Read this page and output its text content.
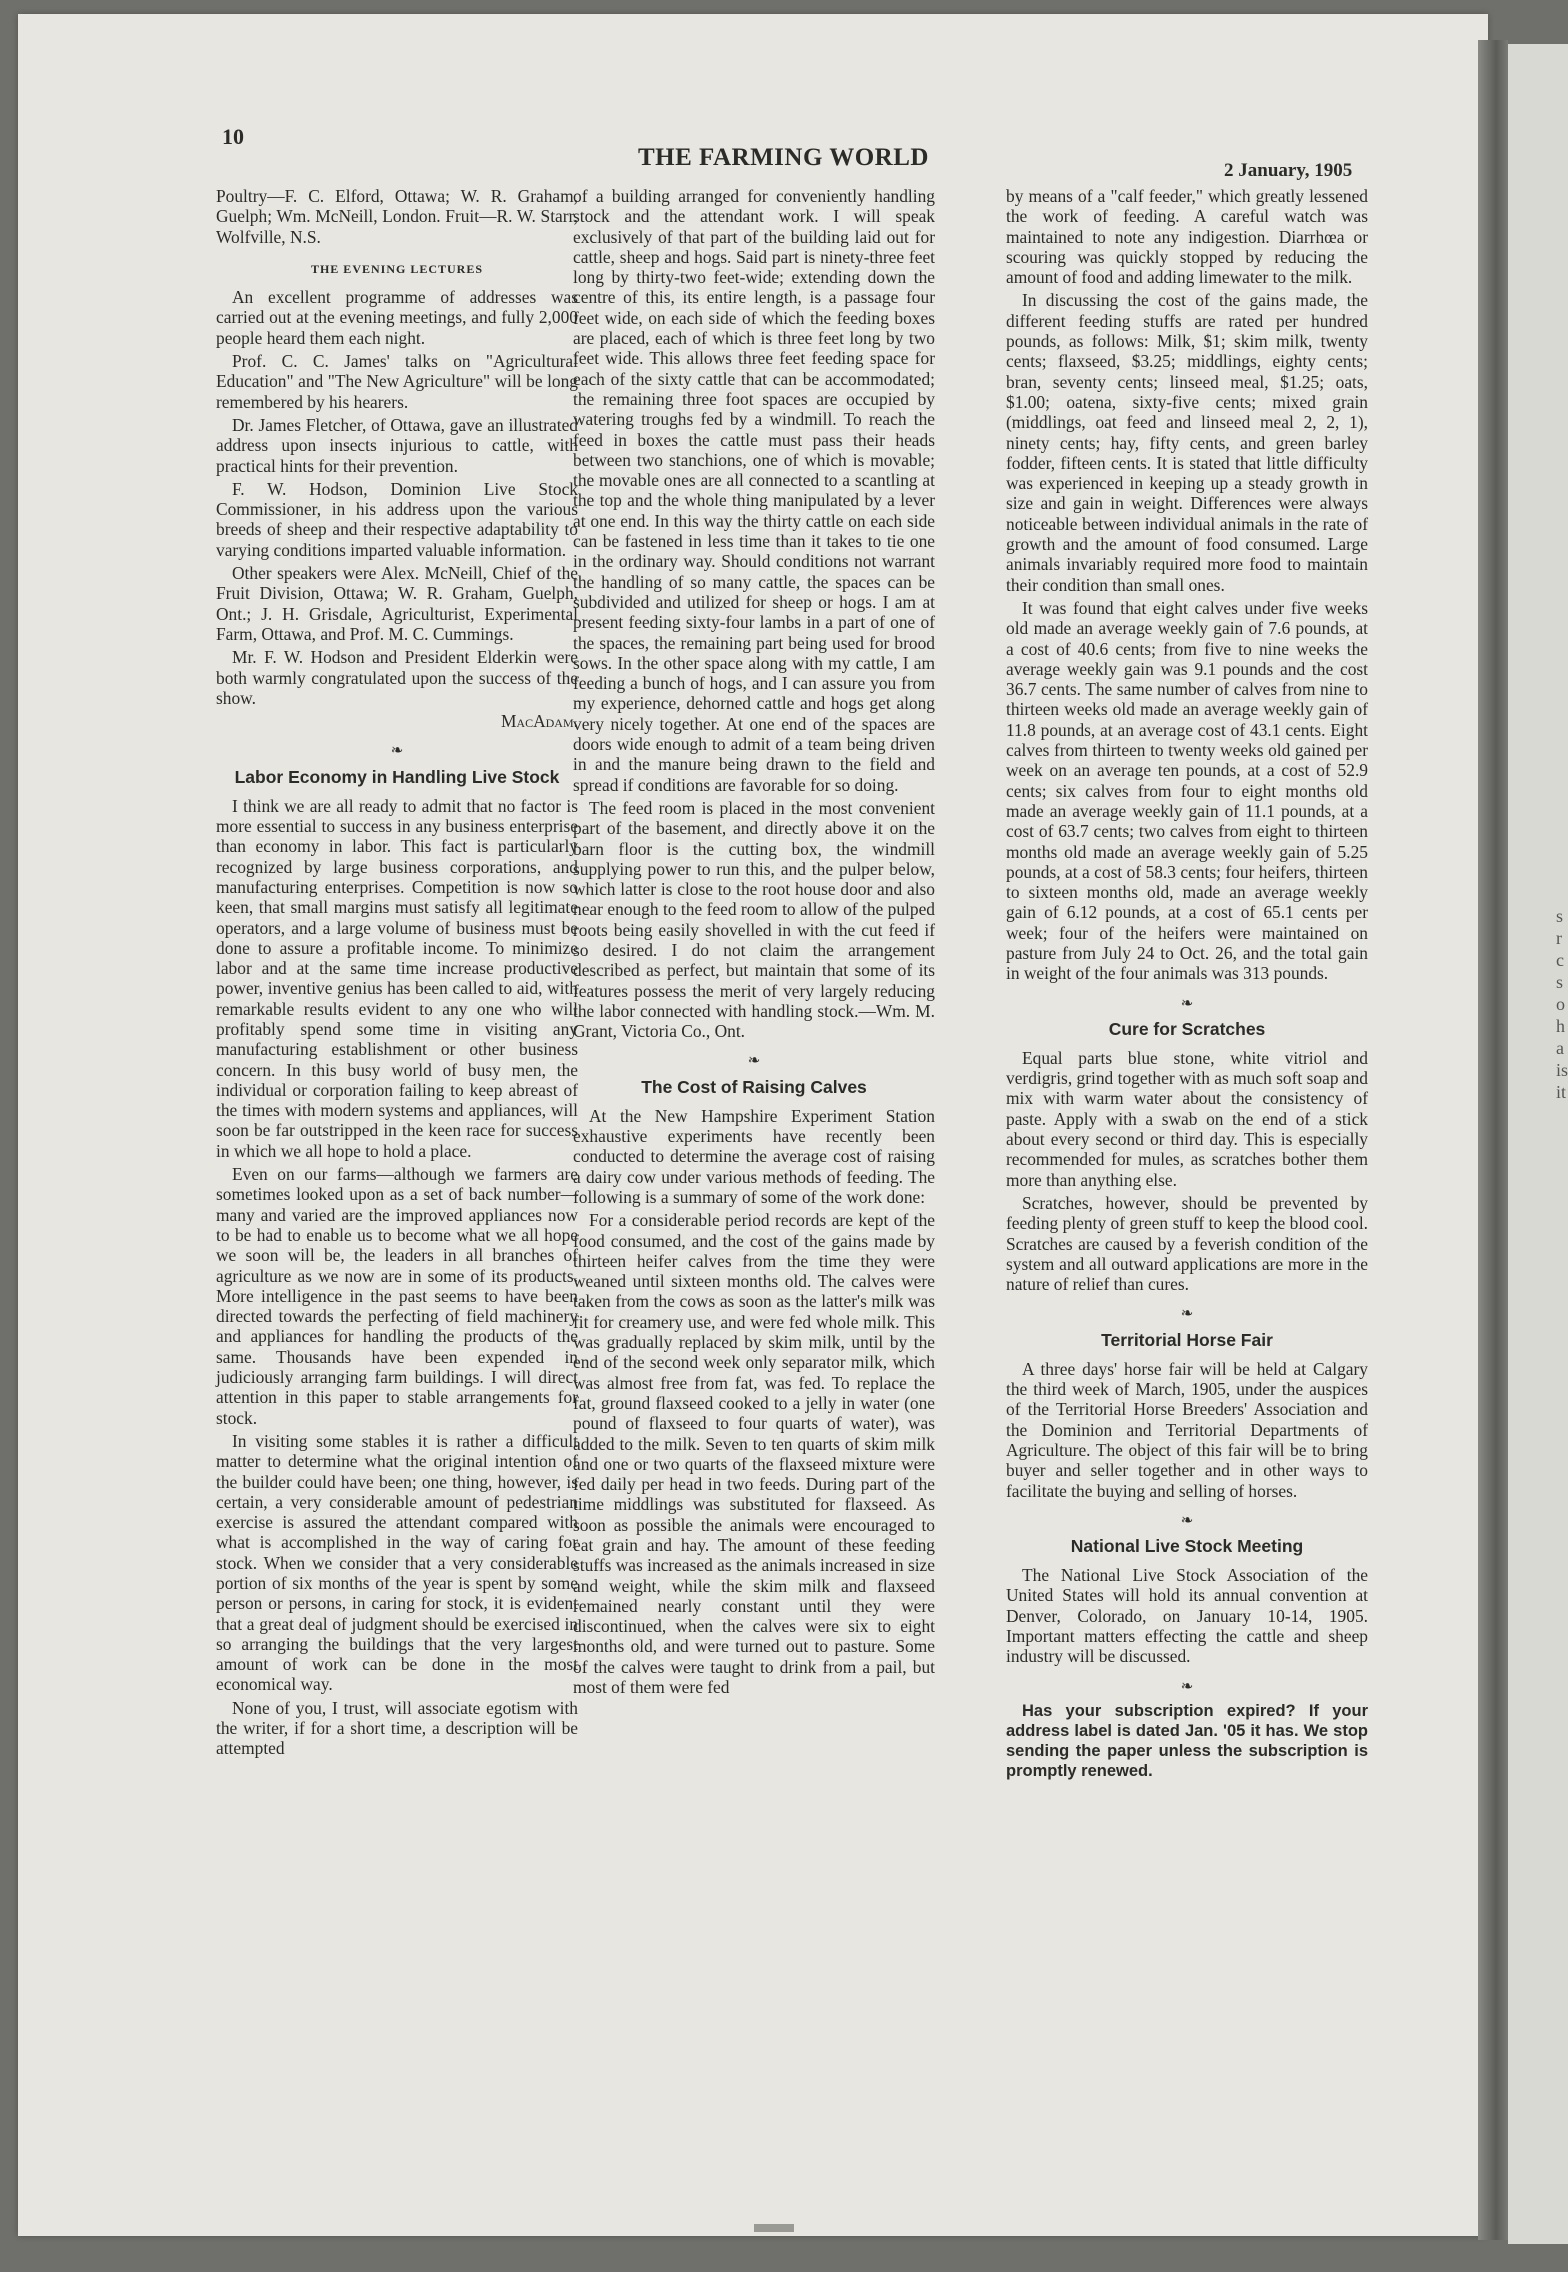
10
THE FARMING WORLD	2 January, 1905

Poultry—F. C. Elford, Ottawa; W. R. Graham, Guelph; Wm. McNeill, London. Fruit—R. W. Starr, Wolfville, N.S.

THE EVENING LECTURES

An excellent programme of addresses was carried out at the evening meetings, and fully 2,000 people heard them each night.

Prof. C. C. James' talks on "Agricultural Education" and "The New Agriculture" will be long remembered by his hearers.

Dr. James Fletcher, of Ottawa, gave an illustrated address upon insects injurious to cattle, with practical hints for their prevention.

F. W. Hodson, Dominion Live Stock Commissioner, in his address upon the various breeds of sheep and their respective adaptability to varying conditions imparted valuable information.

Other speakers were Alex. McNeill, Chief of the Fruit Division, Ottawa; W. R. Graham, Guelph, Ont.; J. H. Grisdale, Agriculturist, Experimental Farm, Ottawa, and Prof. M. C. Cummings.

Mr. F. W. Hodson and President Elderkin were both warmly congratulated upon the success of the show.

MacAdam.
❧
Labor Economy in Handling Live Stock

I think we are all ready to admit that no factor is more essential to success in any business enterprise than economy in labor. This fact is particularly recognized by large business corporations, and manufacturing enterprises. Competition is now so keen, that small margins must satisfy all legitimate operators, and a large volume of business must be done to assure a profitable income. To minimize labor and at the same time increase productive power, inventive genius has been called to aid, with remarkable results evident to any one who will profitably spend some time in visiting any manufacturing establishment or other business concern. In this busy world of busy men, the individual or corporation failing to keep abreast of the times with modern systems and appliances, will soon be far outstripped in the keen race for success in which we all hope to hold a place.

Even on our farms—although we farmers are sometimes looked upon as a set of back number—many and varied are the improved appliances now to be had to enable us to become what we all hope we soon will be, the leaders in all branches of agriculture as we now are in some of its products. More intelligence in the past seems to have been directed towards the perfecting of field machinery and appliances for handling the products of the same. Thousands have been expended in judiciously arranging farm buildings. I will direct attention in this paper to stable arrangements for stock.

In visiting some stables it is rather a difficult matter to determine what the original intention of the builder could have been; one thing, however, is certain, a very considerable amount of pedestrian exercise is assured the attendant compared with what is accomplished in the way of caring for stock. When we consider that a very considerable portion of six months of the year is spent by some person or persons, in caring for stock, it is evident that a great deal of judgment should be exercised in so arranging the buildings that the very largest amount of work can be done in the most economical way.

None of you, I trust, will associate egotism with the writer, if for a short time, a description will be attempted

of a building arranged for conveniently handling stock and the attendant work. I will speak exclusively of that part of the building laid out for cattle, sheep and hogs. Said part is ninety-three feet long by thirty-two feet-wide; extending down the centre of this, its entire length, is a passage four feet wide, on each side of which the feeding boxes are placed, each of which is three feet long by two feet wide. This allows three feet feeding space for each of the sixty cattle that can be accommodated; the remaining three foot spaces are occupied by watering troughs fed by a windmill. To reach the feed in boxes the cattle must pass their heads between two stanchions, one of which is movable; the movable ones are all connected to a scantling at the top and the whole thing manipulated by a lever at one end. In this way the thirty cattle on each side can be fastened in less time than it takes to tie one in the ordinary way. Should conditions not warrant the handling of so many cattle, the spaces can be subdivided and utilized for sheep or hogs. I am at present feeding sixty-four lambs in a part of one of the spaces, the remaining part being used for brood sows. In the other space along with my cattle, I am feeding a bunch of hogs, and I can assure you from my experience, dehorned cattle and hogs get along very nicely together. At one end of the spaces are doors wide enough to admit of a team being driven in and the manure being drawn to the field and spread if conditions are favorable for so doing.

The feed room is placed in the most convenient part of the basement, and directly above it on the barn floor is the cutting box, the windmill supplying power to run this, and the pulper below, which latter is close to the root house door and also near enough to the feed room to allow of the pulped roots being easily shovelled in with the cut feed if so desired. I do not claim the arrangement described as perfect, but maintain that some of its features possess the merit of very largely reducing the labor connected with handling stock.—Wm. M. Grant, Victoria Co., Ont.

❧
The Cost of Raising Calves

At the New Hampshire Experiment Station exhaustive experiments have recently been conducted to determine the average cost of raising a dairy cow under various methods of feeding. The following is a summary of some of the work done:

For a considerable period records are kept of the food consumed, and the cost of the gains made by thirteen heifer calves from the time they were weaned until sixteen months old. The calves were taken from the cows as soon as the latter's milk was fit for creamery use, and were fed whole milk. This was gradually replaced by skim milk, until by the end of the second week only separator milk, which was almost free from fat, was fed. To replace the fat, ground flaxseed cooked to a jelly in water (one pound of flaxseed to four quarts of water), was added to the milk. Seven to ten quarts of skim milk and one or two quarts of the flaxseed mixture were fed daily per head in two feeds. During part of the time middlings was substituted for flaxseed. As soon as possible the animals were encouraged to eat grain and hay. The amount of these feeding stuffs was increased as the animals increased in size and weight, while the skim milk and flaxseed remained nearly constant until they were discontinued, when the calves were six to eight months old, and were turned out to pasture. Some of the calves were taught to drink from a pail, but most of them were fed

by means of a "calf feeder," which greatly lessened the work of feeding. A careful watch was maintained to note any indigestion. Diarrhœa or scouring was quickly stopped by reducing the amount of food and adding limewater to the milk.

In discussing the cost of the gains made, the different feeding stuffs are rated per hundred pounds, as follows: Milk, $1; skim milk, twenty cents; flaxseed, $3.25; middlings, eighty cents; bran, seventy cents; linseed meal, $1.25; oats, $1.00; oatena, sixty-five cents; mixed grain (middlings, oat feed and linseed meal 2, 2, 1), ninety cents; hay, fifty cents, and green barley fodder, fifteen cents. It is stated that little difficulty was experienced in keeping up a steady growth in size and gain in weight. Differences were always noticeable between individual animals in the rate of growth and the amount of food consumed. Large animals invariably required more food to maintain their condition than small ones.

It was found that eight calves under five weeks old made an average weekly gain of 7.6 pounds, at a cost of 40.6 cents; from five to nine weeks the average weekly gain was 9.1 pounds and the cost 36.7 cents. The same number of calves from nine to thirteen weeks old made an average weekly gain of 11.8 pounds, at an average cost of 43.1 cents. Eight calves from thirteen to twenty weeks old gained per week on an average ten pounds, at a cost of 52.9 cents; six calves from four to eight months old made an average weekly gain of 11.1 pounds, at a cost of 63.7 cents; two calves from eight to thirteen months old made an average weekly gain of 5.25 pounds, at a cost of 58.3 cents; four heifers, thirteen to sixteen months old, made an average weekly gain of 6.12 pounds, at a cost of 65.1 cents per week; four of the heifers were maintained on pasture from July 24 to Oct. 26, and the total gain in weight of the four animals was 313 pounds.

❧
Cure for Scratches

Equal parts blue stone, white vitriol and verdigris, grind together with as much soft soap and mix with warm water about the consistency of paste. Apply with a swab on the end of a stick about every second or third day. This is especially recommended for mules, as scratches bother them more than anything else.

Scratches, however, should be prevented by feeding plenty of green stuff to keep the blood cool. Scratches are caused by a feverish condition of the system and all outward applications are more in the nature of relief than cures.

❧
Territorial Horse Fair

A three days' horse fair will be held at Calgary the third week of March, 1905, under the auspices of the Territorial Horse Breeders' Association and the Dominion and Territorial Departments of Agriculture. The object of this fair will be to bring buyer and seller together and in other ways to facilitate the buying and selling of horses.

❧
National Live Stock Meeting

The National Live Stock Association of the United States will hold its annual convention at Denver, Colorado, on January 10-14, 1905. Important matters effecting the cattle and sheep industry will be discussed.

❧

Has your subscription expired? If your address label is dated Jan. '05 it has. We stop sending the paper unless the subscription is promptly renewed.

s
r
c
s
o
h
a
is
it
